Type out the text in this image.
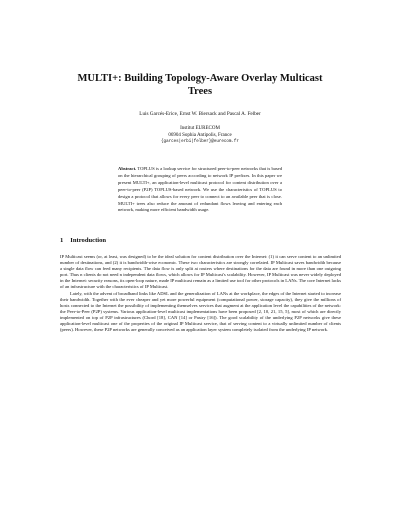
MULTI+: Building Topology-Aware Overlay Multicast
Trees
Luis Garcés-Erice, Ernst W. Biersack and Pascal A. Felber
Institut EURECOM
06904 Sophia Antipolis, France
{garces|erbi|felber}@eurecom.fr
Abstract. TOPLUS is a lookup service for structured peer-to-peer networks that is based on the hierarchical grouping of peers according to network IP prefixes. In this paper we present MULTI+, an application-level multicast protocol for content distribution over a peer-to-peer (P2P) TOPLUS-based network. We use the characteristics of TOPLUS to design a protocol that allows for every peer to connect to an available peer that is close. MULTI+ trees also reduce the amount of redundant flows leaving and entering each network, making more efficient bandwidth usage.
1 Introduction

IP Multicast seems (or, at least, was designed) to be the ideal solution for content distribution over the Internet: (1) it can serve content to an unlimited number of destinations, and (2) it is bandwidth-wise economic. These two characteristics are strongly correlated. IP Multicast saves bandwidth because a single data flow can feed many recipients. The data flow is only split at routers where destinations for the data are found in more than one outgoing port. Thus n clients do not need n independent data flows, which allows for IP Multicast's scalability. However, IP Multicast was never widely deployed in the Internet: security reasons, its open-loop nature, made IP multicast remain as a limited use tool for other protocols in LANs. The core Internet lacks of an infrastructure with the characteristics of IP Multicast.

Lately, with the advent of broadband links like ADSL and the generalization of LANs at the workplace, the edges of the Internet started to increase their bandwidth. Together with the ever cheaper and yet more powerful equipment (computational power, storage capacity), they give the millions of hosts connected to the Internet the possibility of implementing themselves services that augment at the application level the capabilities of the network: the Peer-to-Peer (P2P) systems. Various application-level multicast implementations have been proposed [2, 10, 21, 15, 5], most of which are directly implemented on top of P2P infrastructures (Chord [18], CAN [14] or Pastry [16]). The good scalability of the underlying P2P networks give these application-level multicast one of the properties of the original IP Multicast service, that of serving content to a virtually unlimited number of clients (peers). However, these P2P networks are generally conceived as an application layer system completely isolated from the underlying IP network.
